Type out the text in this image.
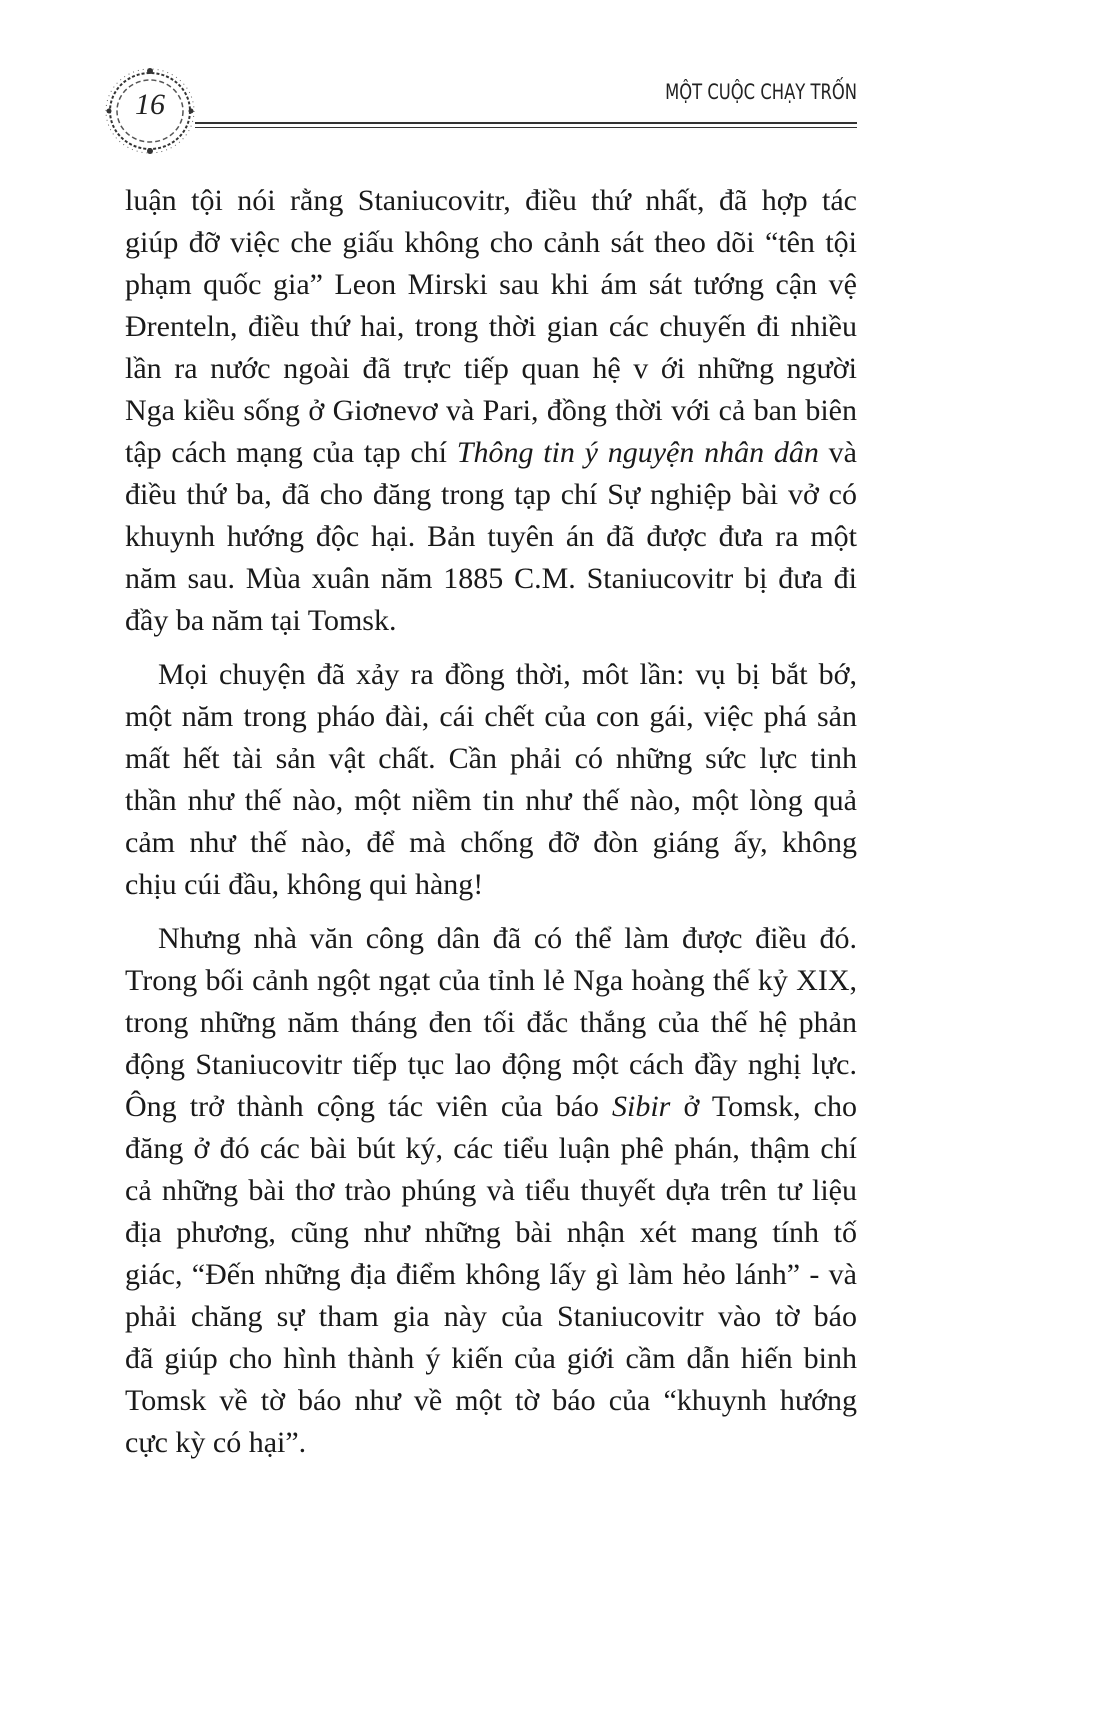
16	MỘT CUỘC CHẠY TRỐN
luận tội nói rằng Staniucovitr, điều thứ nhất, đã hợp tác
giúp đỡ việc che giấu không cho cảnh sát theo dõi “tên tội
phạm quốc gia” Leon Mirski sau khi ám sát tướng cận vệ
Đrenteln, điều thứ hai, trong thời gian các chuyến đi nhiều
lần ra nước ngoài đã trực tiếp quan hệ v ới những người
Nga kiều sống ở Giơnevơ và Pari, đồng thời với cả ban biên
tập cách mạng của tạp chí Thông tin ý nguyện nhân dân và
điều thứ ba, đã cho đăng trong tạp chí Sự nghiệp bài vở có
khuynh hướng độc hại. Bản tuyên án đã được đưa ra một
năm sau. Mùa xuân năm 1885 C.M. Staniucovitr bị đưa đi
đầy ba năm tại Tomsk.
Mọi chuyện đã xảy ra đồng thời, môt lần: vụ bị bắt bớ,
một năm trong pháo đài, cái chết của con gái, việc phá sản
mất hết tài sản vật chất. Cần phải có những sức lực tinh
thần như thế nào, một niềm tin như thế nào, một lòng quả
cảm như thế nào, để mà chống đỡ đòn giáng ấy, không
chịu cúi đầu, không qui hàng!
Nhưng nhà văn công dân đã có thể làm được điều đó.
Trong bối cảnh ngột ngạt của tỉnh lẻ Nga hoàng thế kỷ XIX,
trong những năm tháng đen tối đắc thắng của thế hệ phản
động Staniucovitr tiếp tục lao động một cách đầy nghị lực.
Ông trở thành cộng tác viên của báo Sibir ở Tomsk, cho
đăng ở đó các bài bút ký, các tiểu luận phê phán, thậm chí
cả những bài thơ trào phúng và tiểu thuyết dựa trên tư liệu
địa phương, cũng như những bài nhận xét mang tính tố
giác, “Đến những địa điểm không lấy gì làm hẻo lánh” - và
phải chăng sự tham gia này của Staniucovitr vào tờ báo
đã giúp cho hình thành ý kiến của giới cầm dẫn hiến binh
Tomsk về tờ báo như về một tờ báo của “khuynh hướng
cực kỳ có hại”.
